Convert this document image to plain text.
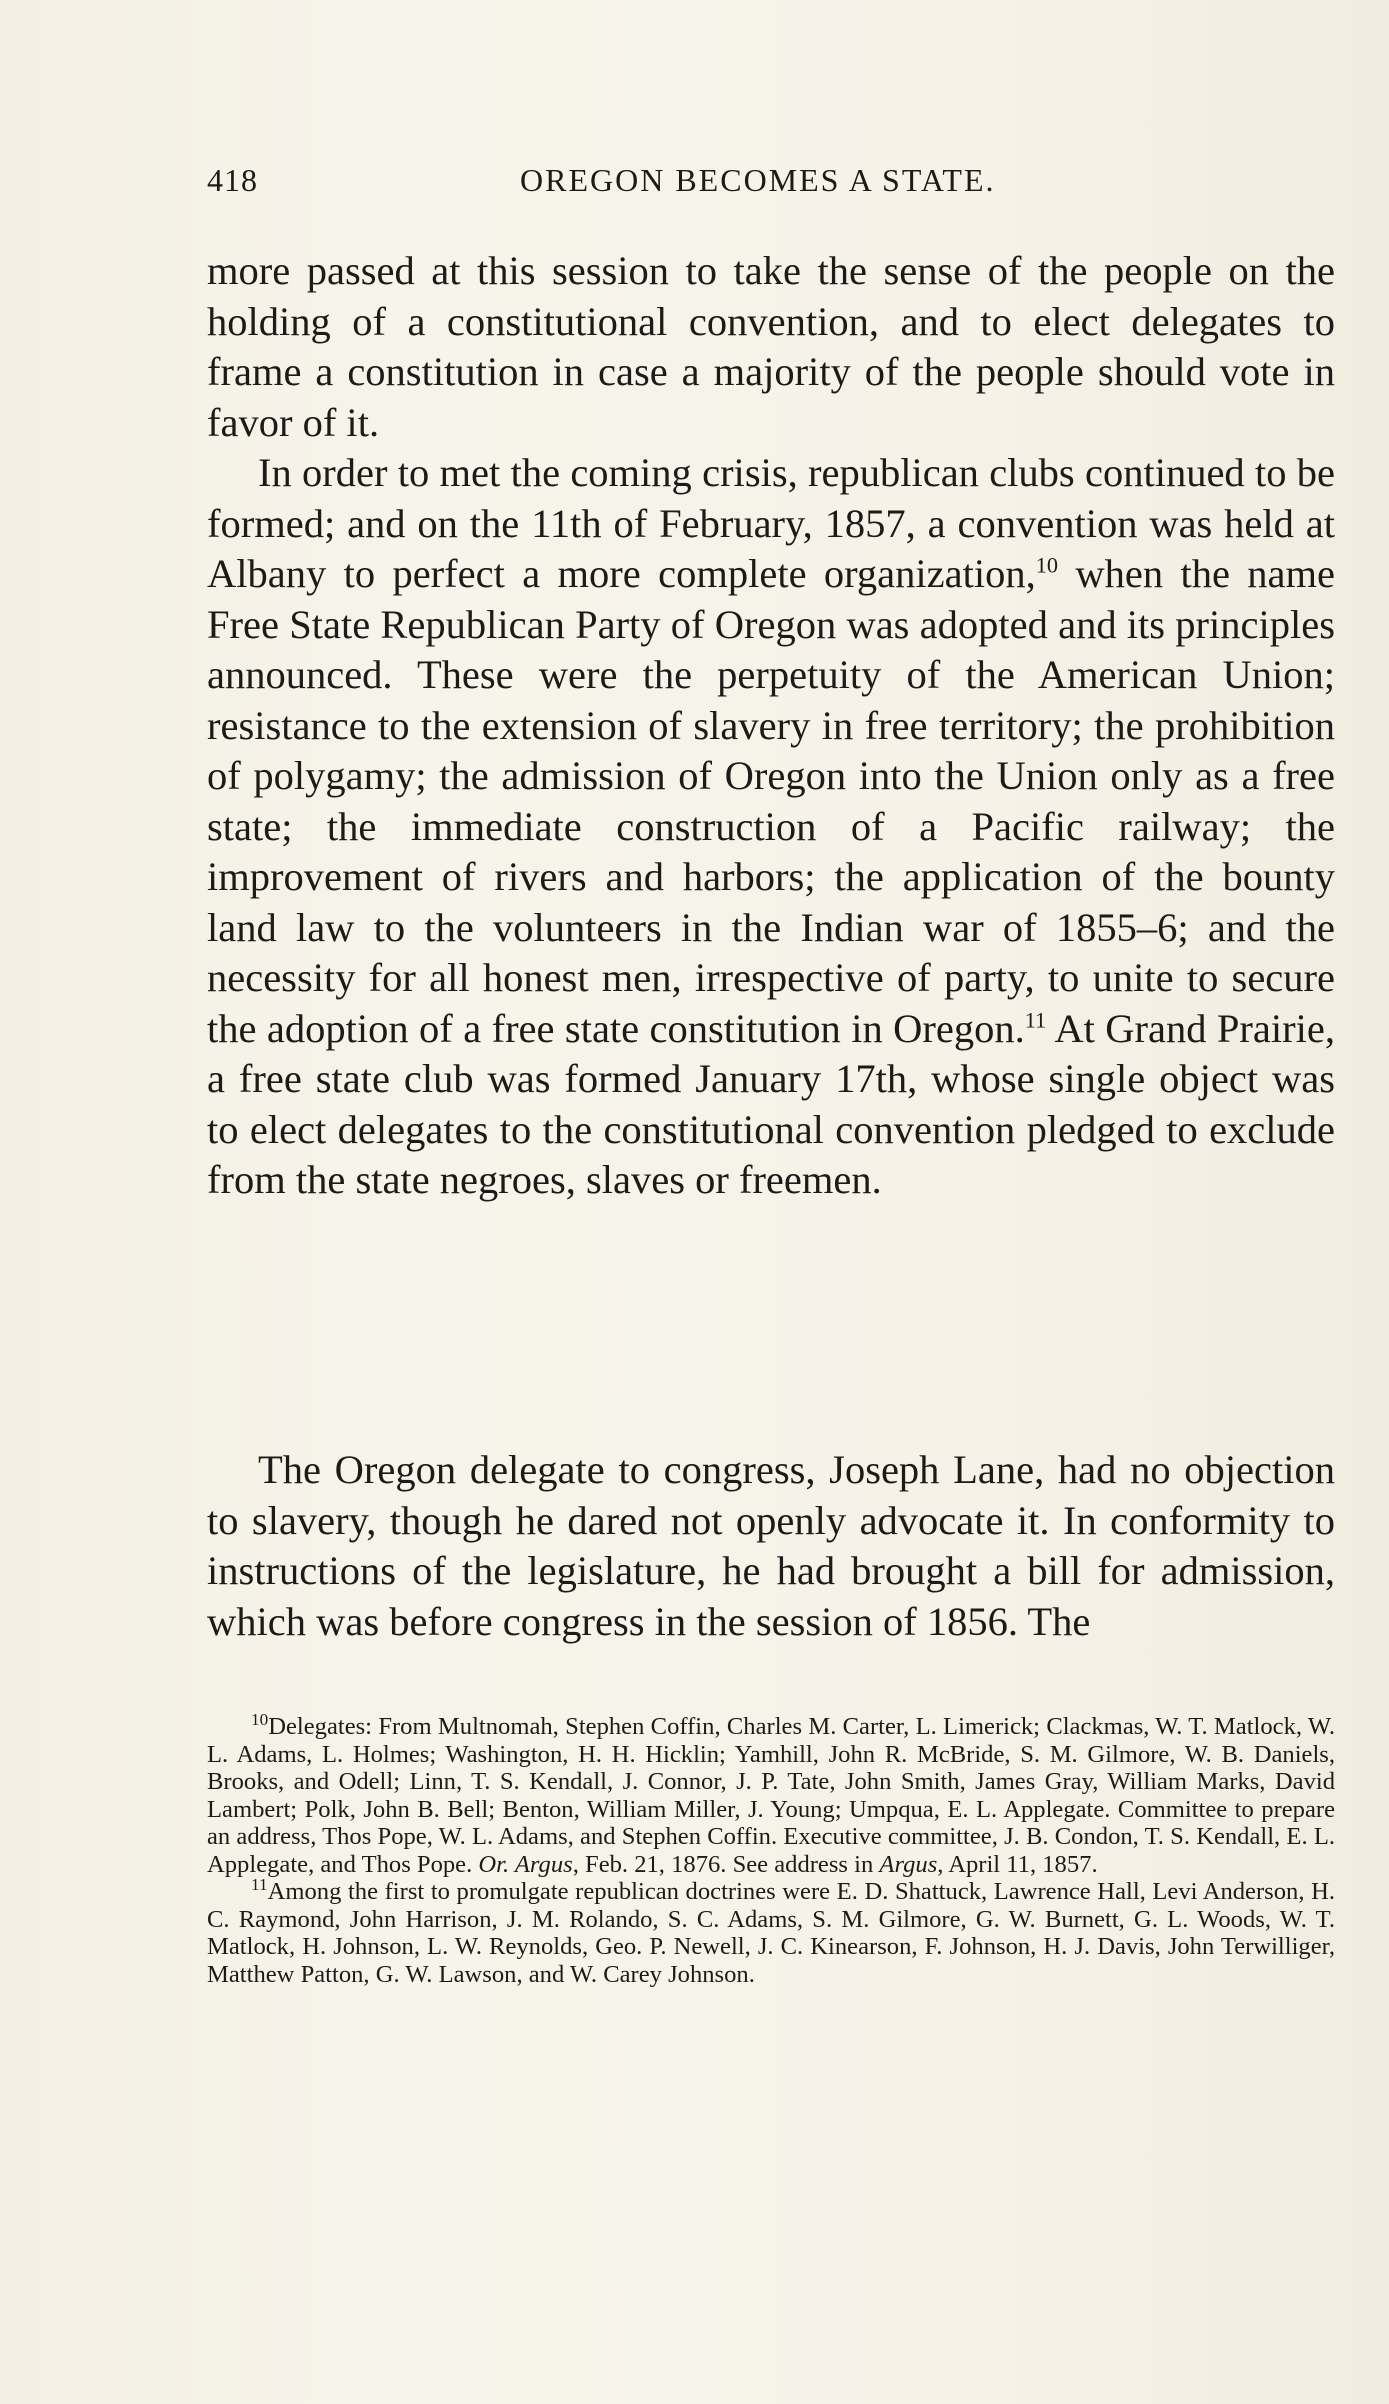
418	OREGON BECOMES A STATE.

more passed at this session to take the sense of the people on the holding of a constitutional convention, and to elect delegates to frame a constitution in case a majority of the people should vote in favor of it.

In order to met the coming crisis, republican clubs continued to be formed; and on the 11th of February, 1857, a convention was held at Albany to perfect a more complete organization,$^{10}$ when the name Free State Republican Party of Oregon was adopted and its principles announced. These were the perpetuity of the American Union; resistance to the extension of slavery in free territory; the prohibition of polygamy; the admission of Oregon into the Union only as a free state; the immediate construction of a Pacific railway; the improvement of rivers and harbors; the application of the bounty land law to the volunteers in the Indian war of 1855–6; and the necessity for all honest men, irrespective of party, to unite to secure the adoption of a free state constitution in Oregon.$^{11}$ At Grand Prairie, a free state club was formed January 17th, whose single object was to elect delegates to the constitutional convention pledged to exclude from the state negroes, slaves or freemen.

The Oregon delegate to congress, Joseph Lane, had no objection to slavery, though he dared not openly advocate it. In conformity to instructions of the legislature, he had brought a bill for admission, which was before congress in the session of 1856. The

$^{10}$Delegates: From Multnomah, Stephen Coffin, Charles M. Carter, L. Limerick; Clackmas, W. T. Matlock, W. L. Adams, L. Holmes; Washington, H. H. Hicklin; Yamhill, John R. McBride, S. M. Gilmore, W. B. Daniels, Brooks, and Odell; Linn, T. S. Kendall, J. Connor, J. P. Tate, John Smith, James Gray, William Marks, David Lambert; Polk, John B. Bell; Benton, William Miller, J. Young; Umpqua, E. L. Applegate. Committee to prepare an address, Thos Pope, W. L. Adams, and Stephen Coffin. Executive committee, J. B. Condon, T. S. Kendall, E. L. Applegate, and Thos Pope. Or. Argus, Feb. 21, 1876. See address in Argus, April 11, 1857.

$^{11}$Among the first to promulgate republican doctrines were E. D. Shattuck, Lawrence Hall, Levi Anderson, H. C. Raymond, John Harrison, J. M. Rolando, S. C. Adams, S. M. Gilmore, G. W. Burnett, G. L. Woods, W. T. Matlock, H. Johnson, L. W. Reynolds, Geo. P. Newell, J. C. Kinearson, F. Johnson, H. J. Davis, John Terwilliger, Matthew Patton, G. W. Lawson, and W. Carey Johnson.
